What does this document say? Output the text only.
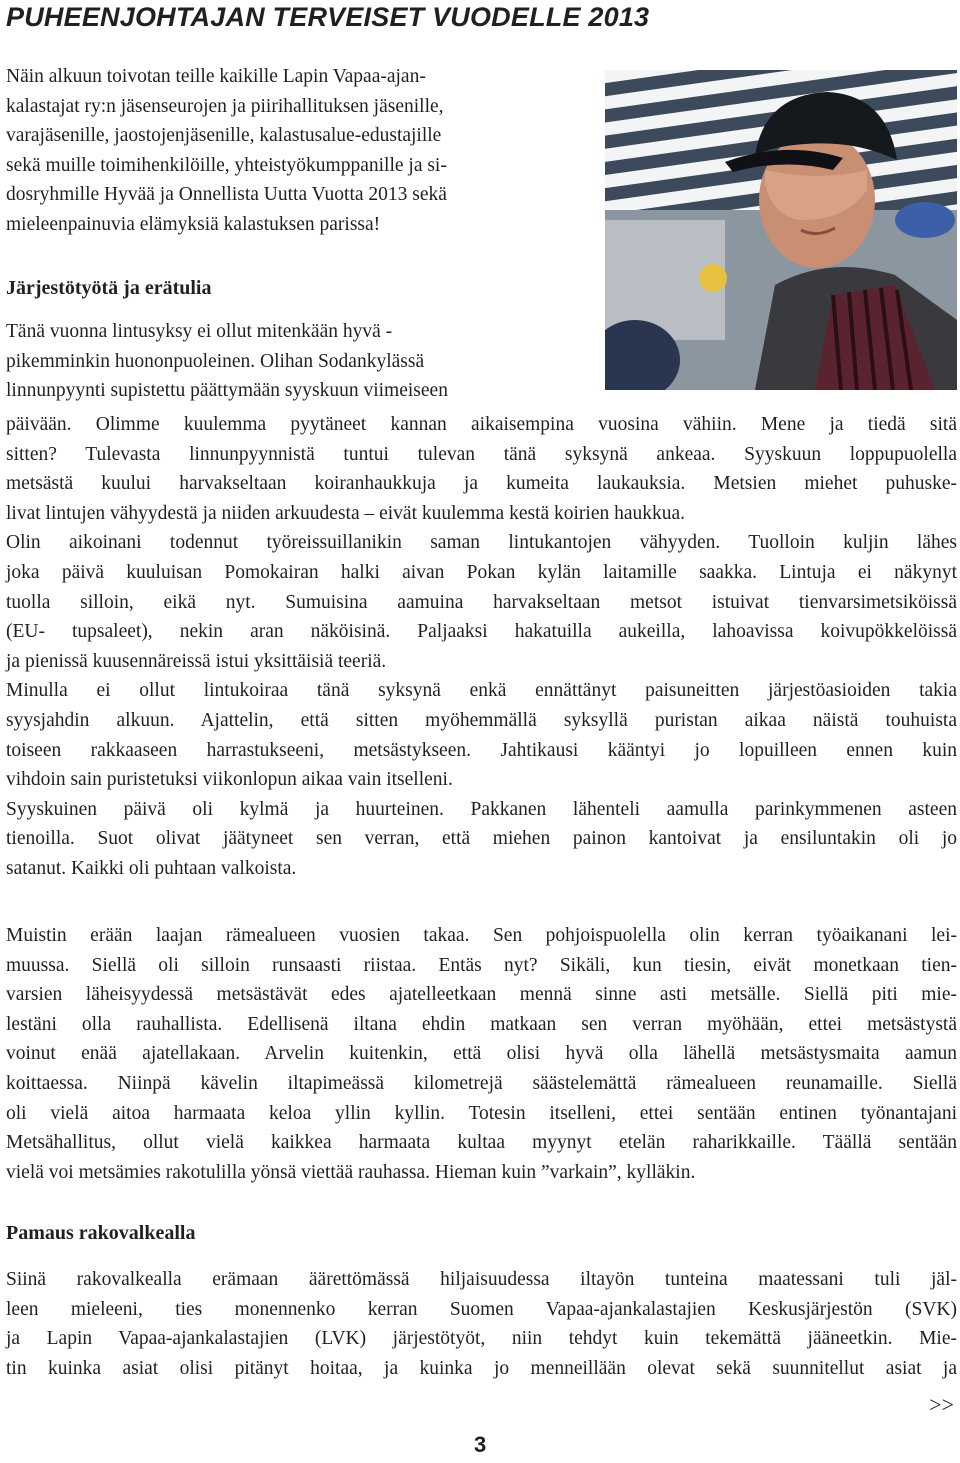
PUHEENJOHTAJAN TERVEISET VUODELLE 2013
Näin alkuun toivotan teille kaikille Lapin Vapaa-ajan-
kalastajat ry:n jäsenseurojen ja piirihallituksen jäsenille,
varajäsenille, jaostojenjäsenille, kalastusalue-edustajille
sekä muille toimihenkilöille, yhteistyökumppanille ja si-
dosryhmille Hyvää ja Onnellista Uutta Vuotta 2013 sekä
mieleenpainuvia elämyksiä kalastuksen parissa!
Järjestötyötä ja erätulia
Tänä vuonna lintusyksy ei ollut mitenkään hyvä -
pikemminkin huononpuoleinen. Olihan Sodankylässä
linnunpyynti supistettu päättymään syyskuun viimeiseen
päivään. Olimme kuulemma pyytäneet kannan aikaisempina vuosina vähiin. Mene ja tiedä sitä
sitten? Tulevasta linnunpyynnistä tuntui tulevan tänä syksynä ankeaa. Syyskuun loppupuolella
metsästä kuului harvakseltaan koiranhaukkuja ja kumeita laukauksia. Metsien miehet puhuske-
livat lintujen vähyydestä ja niiden arkuudesta – eivät kuulemma kestä koirien haukkua.
Olin aikoinani todennut työreissuillanikin saman lintukantojen vähyyden. Tuolloin kuljin lähes
joka päivä kuuluisan Pomokairan halki aivan Pokan kylän laitamille saakka. Lintuja ei näkynyt
tuolla silloin, eikä nyt. Sumuisina aamuina harvakseltaan metsot istuivat tienvarsimetsiköissä
(EU- tupsaleet), nekin aran näköisinä. Paljaaksi hakatuilla aukeilla, lahoavissa koivupökkelöissä
ja pienissä kuusennäreissä istui yksittäisiä teeriä.
Minulla ei ollut lintukoiraa tänä syksynä enkä ennättänyt paisuneitten järjestöasioiden takia
syysjahdin alkuun. Ajattelin, että sitten myöhemmällä syksyllä puristan aikaa näistä touhuista
toiseen rakkaaseen harrastukseeni, metsästykseen. Jahtikausi kääntyi jo lopuilleen ennen kuin
vihdoin sain puristetuksi viikonlopun aikaa vain itselleni.
Syyskuinen päivä oli kylmä ja huurteinen. Pakkanen lähenteli aamulla parinkymmenen asteen
tienoilla. Suot olivat jäätyneet sen verran, että miehen painon kantoivat ja ensiluntakin oli jo
satanut. Kaikki oli puhtaan valkoista.
Muistin erään laajan rämealueen vuosien takaa. Sen pohjoispuolella olin kerran työaikanani lei-
muussa. Siellä oli silloin runsaasti riistaa. Entäs nyt? Sikäli, kun tiesin, eivät monetkaan tien-
varsien läheisyydessä metsästävät edes ajatelleetkaan mennä sinne asti metsälle. Siellä piti mie-
lestäni olla rauhallista. Edellisenä iltana ehdin matkaan sen verran myöhään, ettei metsästystä
voinut enää ajatellakaan. Arvelin kuitenkin, että olisi hyvä olla lähellä metsästysmaita aamun
koittaessa. Niinpä kävelin iltapimeässä kilometrejä säästelemättä rämealueen reunamaille. Siellä
oli vielä aitoa harmaata keloa yllin kyllin. Totesin itselleni, ettei sentään entinen työnantajani
Metsähallitus, ollut vielä kaikkea harmaata kultaa myynyt etelän raharikkaille. Täällä sentään
vielä voi metsämies rakotulilla yönsä viettää rauhassa. Hieman kuin ”varkain”, kylläkin.
Pamaus rakovalkealla
Siinä rakovalkealla erämaan äärettömässä hiljaisuudessa iltayön tunteina maatessani tuli jäl-
leen mieleeni, ties monennenko kerran Suomen Vapaa-ajankalastajien Keskusjärjestön (SVK)
ja Lapin Vapaa-ajankalastajien (LVK) järjestötyöt, niin tehdyt kuin tekemättä jääneetkin. Mie-
tin kuinka asiat olisi pitänyt hoitaa, ja kuinka jo menneillään olevat sekä suunnitellut asiat ja
>>
3
